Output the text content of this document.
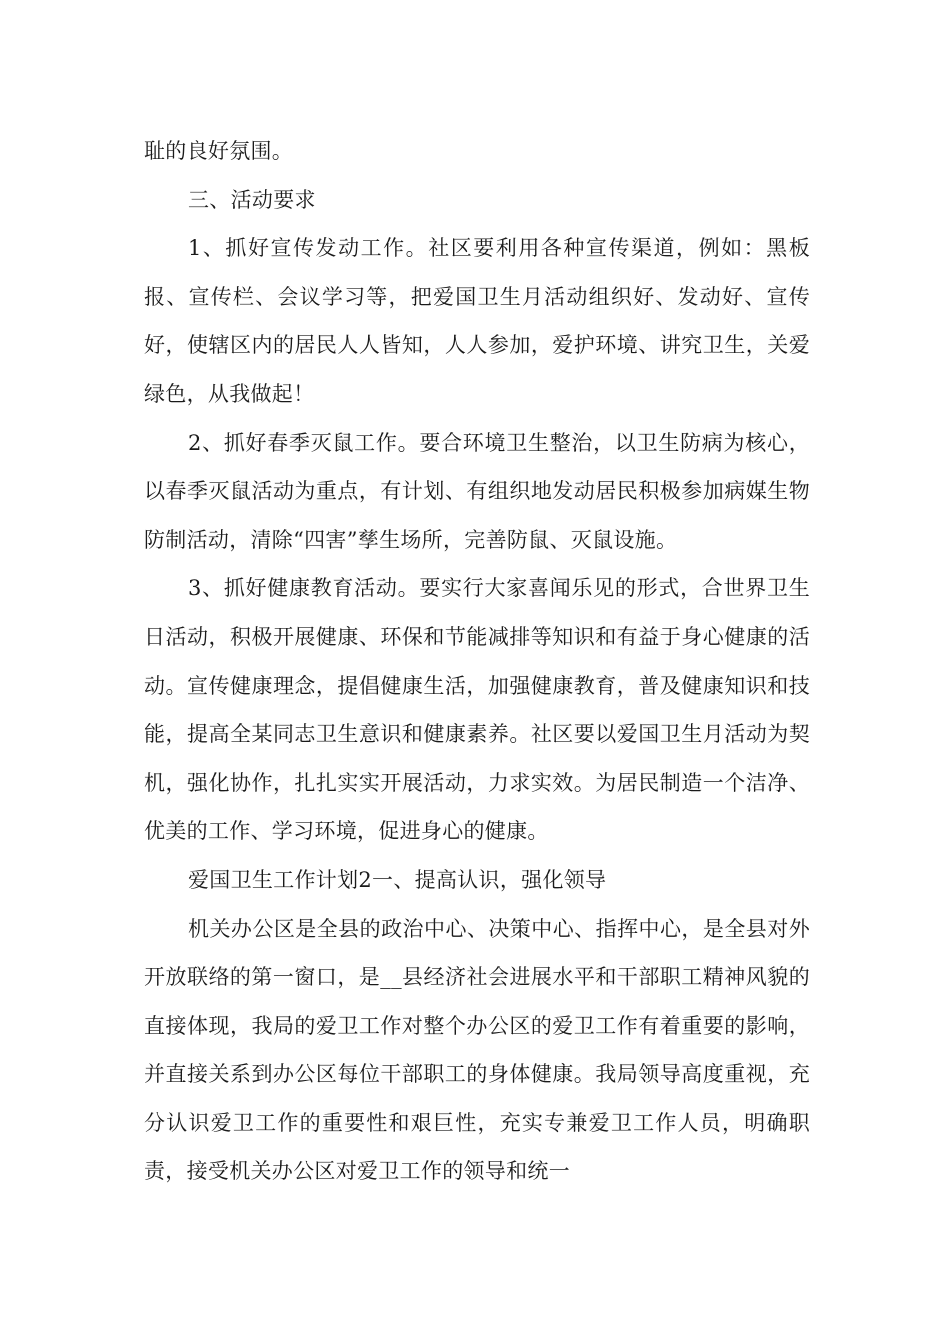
耻的良好氛围。

三、活动要求

1、抓好宣传发动工作。社区要利用各种宣传渠道，例如：黑板报、宣传栏、会议学习等，把爱国卫生月活动组织好、发动好、宣传好，使辖区内的居民人人皆知，人人参加，爱护环境、讲究卫生，关爱绿色，从我做起！

2、抓好春季灭鼠工作。要合环境卫生整治，以卫生防病为核心，以春季灭鼠活动为重点，有计划、有组织地发动居民积极参加病媒生物防制活动，清除“四害”孳生场所，完善防鼠、灭鼠设施。

3、抓好健康教育活动。要实行大家喜闻乐见的形式，合世界卫生日活动，积极开展健康、环保和节能减排等知识和有益于身心健康的活动。宣传健康理念，提倡健康生活，加强健康教育，普及健康知识和技能，提高全某同志卫生意识和健康素养。社区要以爱国卫生月活动为契机，强化协作，扎扎实实开展活动，力求实效。为居民制造一个洁净、优美的工作、学习环境，促进身心的健康。

爱国卫生工作计划2一、提高认识，强化领导

机关办公区是全县的政治中心、决策中心、指挥中心，是全县对外开放联络的第一窗口，是__县经济社会进展水平和干部职工精神风貌的直接体现，我局的爱卫工作对整个办公区的爱卫工作有着重要的影响，并直接关系到办公区每位干部职工的身体健康。我局领导高度重视，充分认识爱卫工作的重要性和艰巨性，充实专兼爱卫工作人员，明确职责，接受机关办公区对爱卫工作的领导和统一
